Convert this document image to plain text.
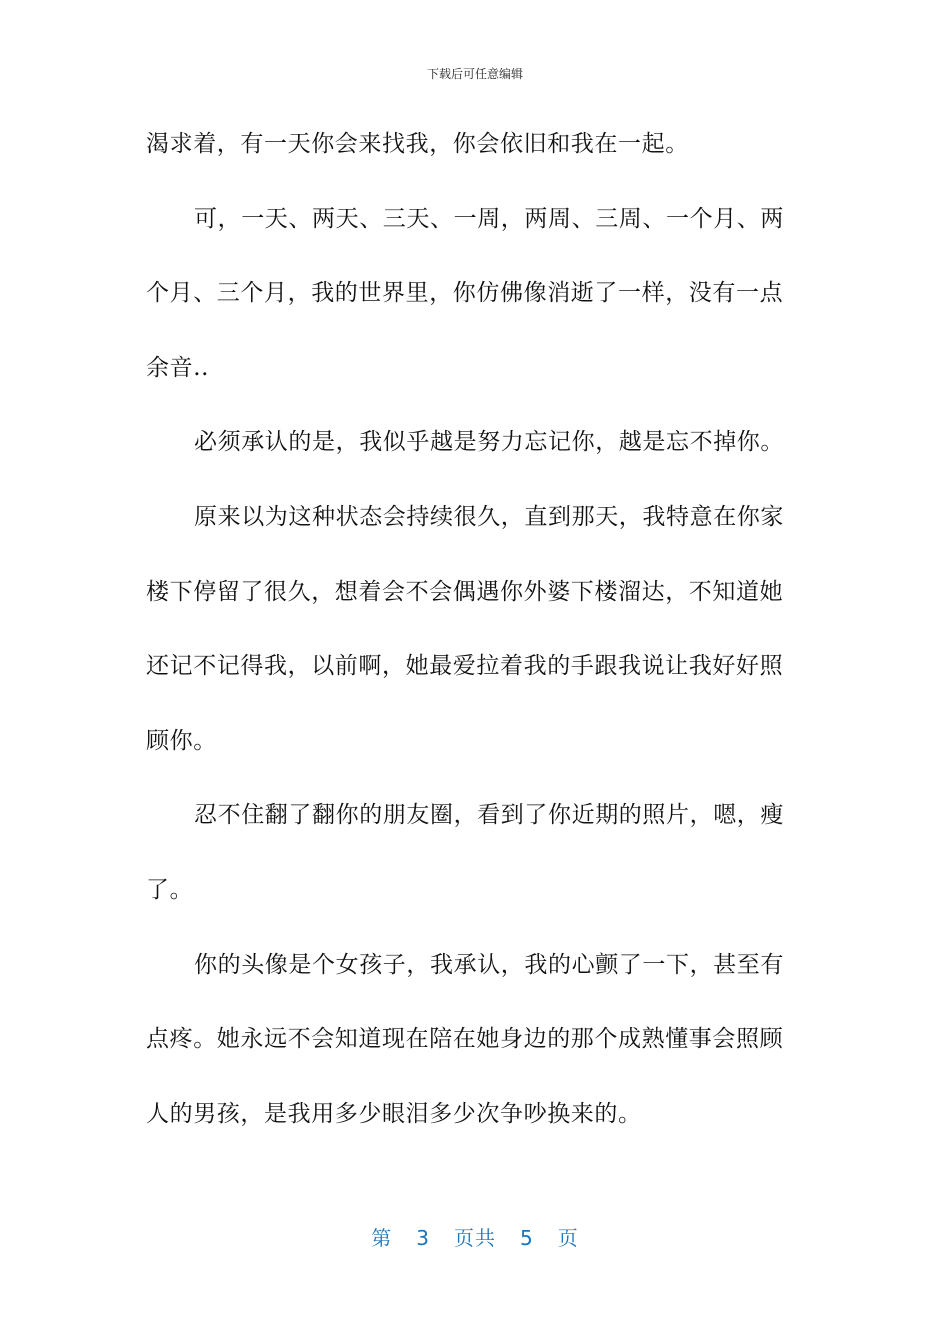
下载后可任意编辑
渴求着，有一天你会来找我，你会依旧和我在一起。
可，一天、两天、三天、一周，两周、三周、一个月、两
个月、三个月，我的世界里，你仿佛像消逝了一样，没有一点
余音..
必须承认的是，我似乎越是努力忘记你，越是忘不掉你。
原来以为这种状态会持续很久，直到那天，我特意在你家
楼下停留了很久，想着会不会偶遇你外婆下楼溜达，不知道她
还记不记得我，以前啊，她最爱拉着我的手跟我说让我好好照
顾你。
忍不住翻了翻你的朋友圈，看到了你近期的照片，嗯，瘦
了。
你的头像是个女孩子，我承认，我的心颤了一下，甚至有
点疼。她永远不会知道现在陪在她身边的那个成熟懂事会照顾
人的男孩，是我用多少眼泪多少次争吵换来的。
第 3 页共 5 页
